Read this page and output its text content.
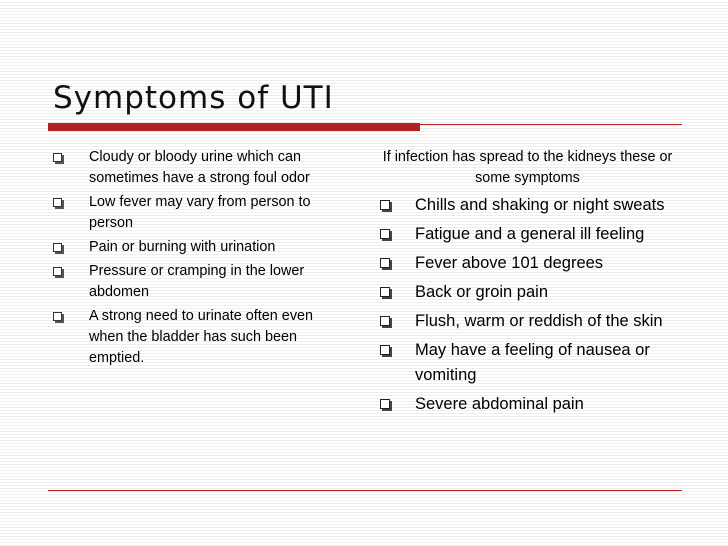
Symptoms of UTI
Cloudy or bloody urine which can sometimes have a strong foul odor
Low fever may vary from person to person
Pain or burning with urination
Pressure or cramping in the lower abdomen
A strong need to urinate often even when the bladder has such been emptied.
If infection has spread to the kidneys these or some symptoms
Chills and shaking or night sweats
Fatigue and a general ill feeling
Fever above 101 degrees
Back or groin pain
Flush, warm or reddish of the skin
May have a feeling of nausea or vomiting
Severe abdominal pain
